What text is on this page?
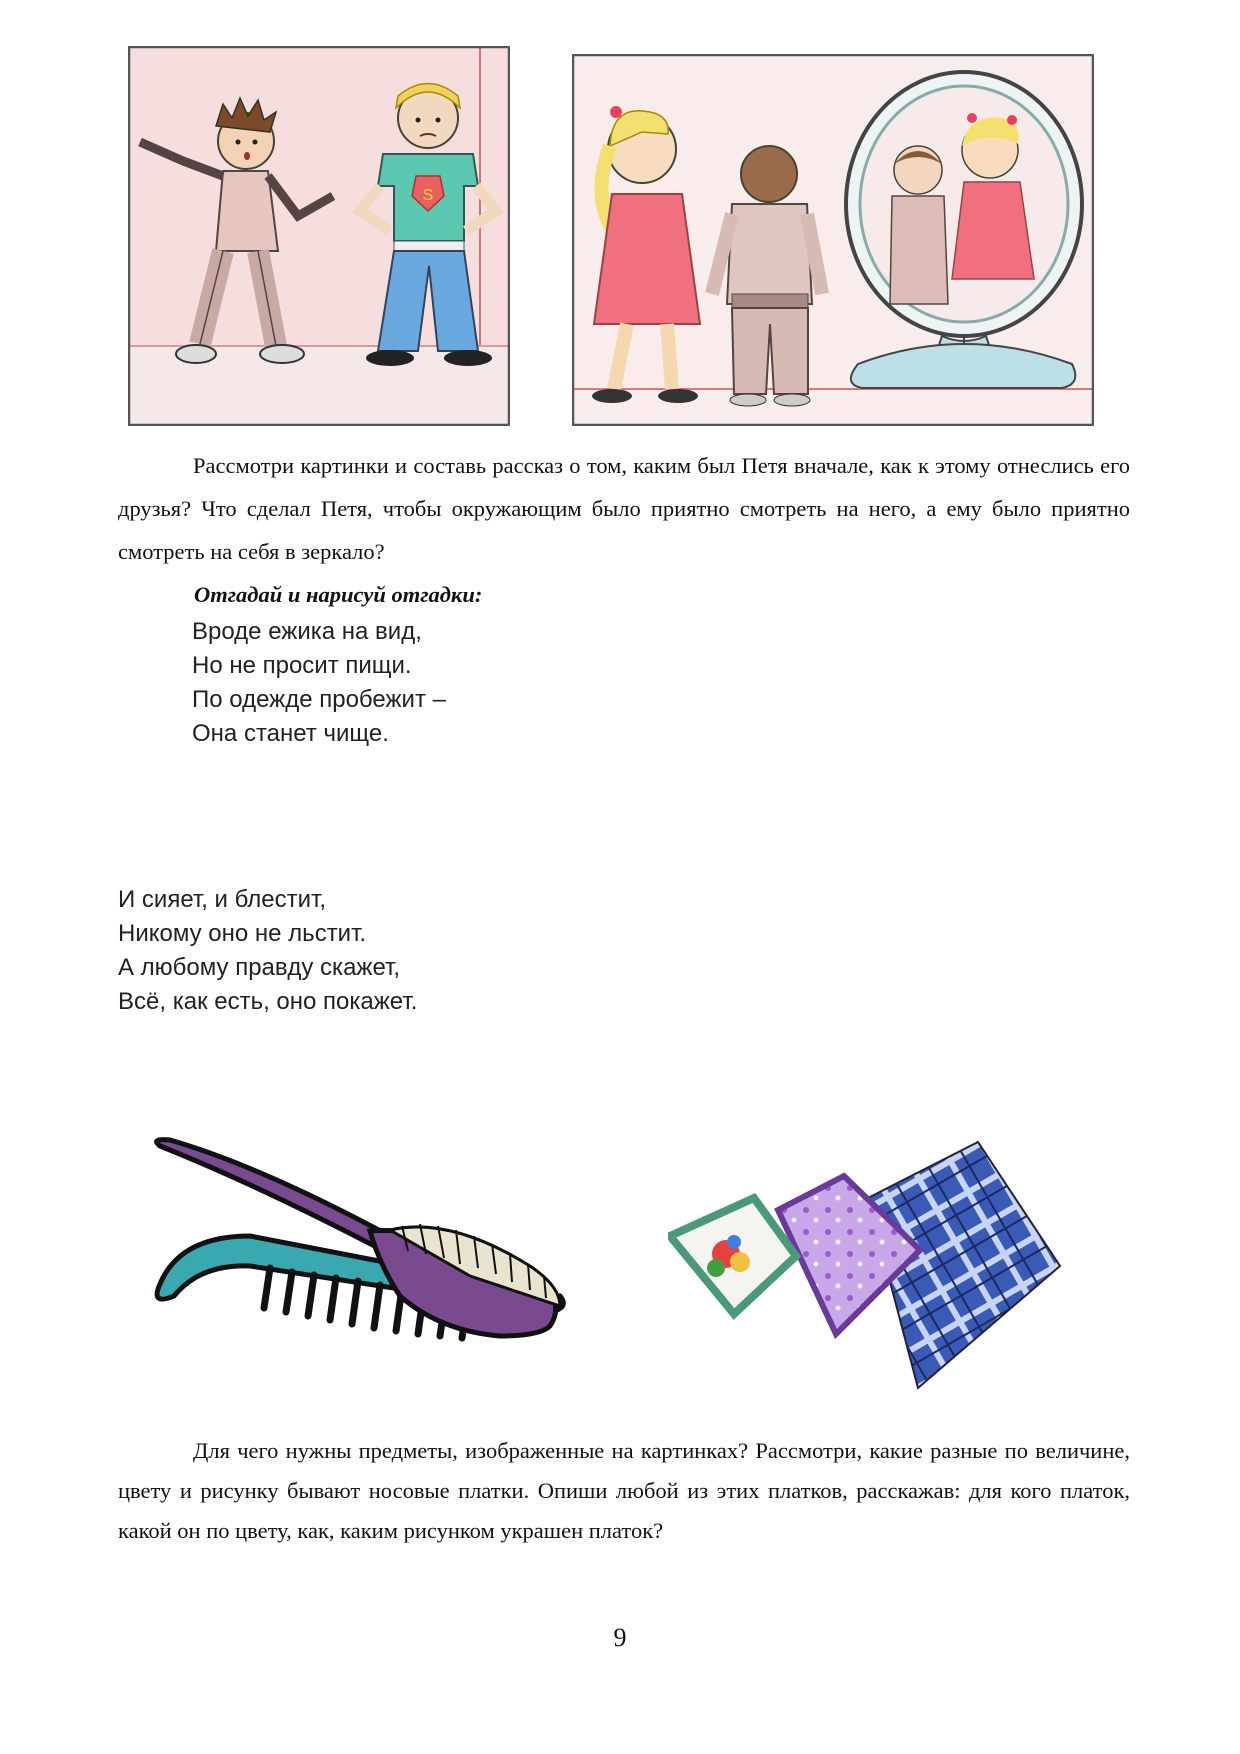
S
Рассмотри картинки и составь рассказ о том, каким был Петя вначале, как к этому отнеслись его друзья? Что сделал Петя, чтобы окружающим было приятно смотреть на него, а ему было приятно смотреть на себя в зеркало?
Отгадай и нарисуй отгадки:
Вроде ежика на вид,
Но не просит пищи.
По одежде пробежит –
Она станет чище.
И сияет, и блестит,
Никому оно не льстит.
А любому правду скажет,
Всё, как есть, оно покажет.
Для чего нужны предметы, изображенные на картинках? Рассмотри, какие разные по величине, цвету и рисунку бывают носовые платки. Опиши любой из этих платков, расскажав: для кого платок, какой он по цвету, как, каким рисунком украшен платок?
9
